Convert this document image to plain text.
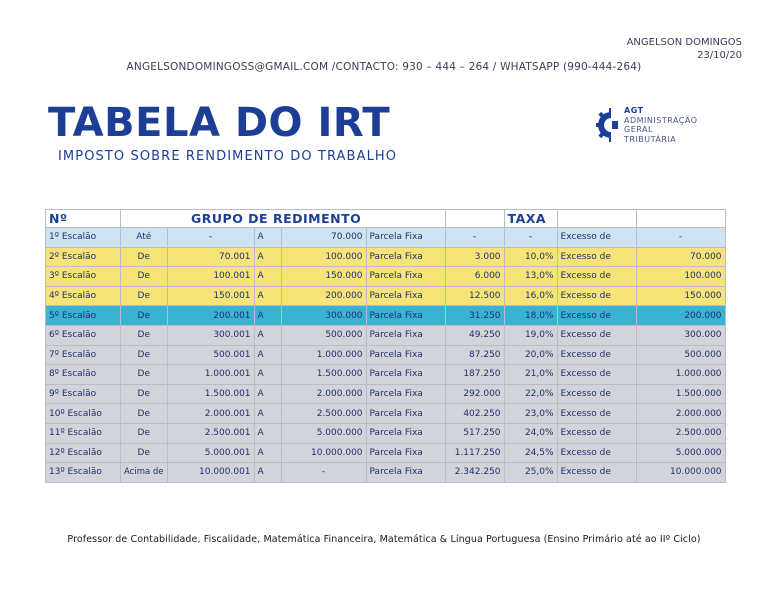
ANGELSON DOMINGOS
23/10/20
ANGELSONDOMINGOSS@GMAIL.COM /CONTACTO: 930 – 444 – 264 / WHATSAPP (990-444-264)
TABELA DO IRT
IMPOSTO SOBRE RENDIMENTO DO TRABALHO
AGT
ADMINISTRAÇÃO
GERAL
TRIBUTÁRIA
Nº	GRUPO DE REDIMENTO						TAXA		
1º Escalão	Até	-	A	70.000	Parcela Fixa	-	-	Excesso de	-
2º Escalão	De	70.001	A	100.000	Parcela Fixa	3.000	10,0%	Excesso de	70.000
3º Escalão	De	100.001	A	150.000	Parcela Fixa	6.000	13,0%	Excesso de	100.000
4º Escalão	De	150.001	A	200.000	Parcela Fixa	12.500	16,0%	Excesso de	150.000
5º Escalão	De	200.001	A	300.000	Parcela Fixa	31.250	18,0%	Excesso de	200.000
6º Escalão	De	300.001	A	500.000	Parcela Fixa	49.250	19,0%	Excesso de	300.000
7º Escalão	De	500.001	A	1.000.000	Parcela Fixa	87.250	20,0%	Excesso de	500.000
8º Escalão	De	1.000.001	A	1.500.000	Parcela Fixa	187.250	21,0%	Excesso de	1.000.000
9º Escalão	De	1.500.001	A	2.000.000	Parcela Fixa	292.000	22,0%	Excesso de	1.500.000
10º Escalão	De	2.000.001	A	2.500.000	Parcela Fixa	402.250	23,0%	Excesso de	2.000.000
11º Escalão	De	2.500.001	A	5.000.000	Parcela Fixa	517.250	24,0%	Excesso de	2.500.000
12º Escalão	De	5.000.001	A	10.000.000	Parcela Fixa	1.117.250	24,5%	Excesso de	5.000.000
13º Escalão	Acima de	10.000.001	A	-	Parcela Fixa	2.342.250	25,0%	Excesso de	10.000.000
Professor de Contabilidade, Fiscalidade, Matemática Financeira, Matemática & Língua Portuguesa (Ensino Primário até ao IIº Ciclo)
